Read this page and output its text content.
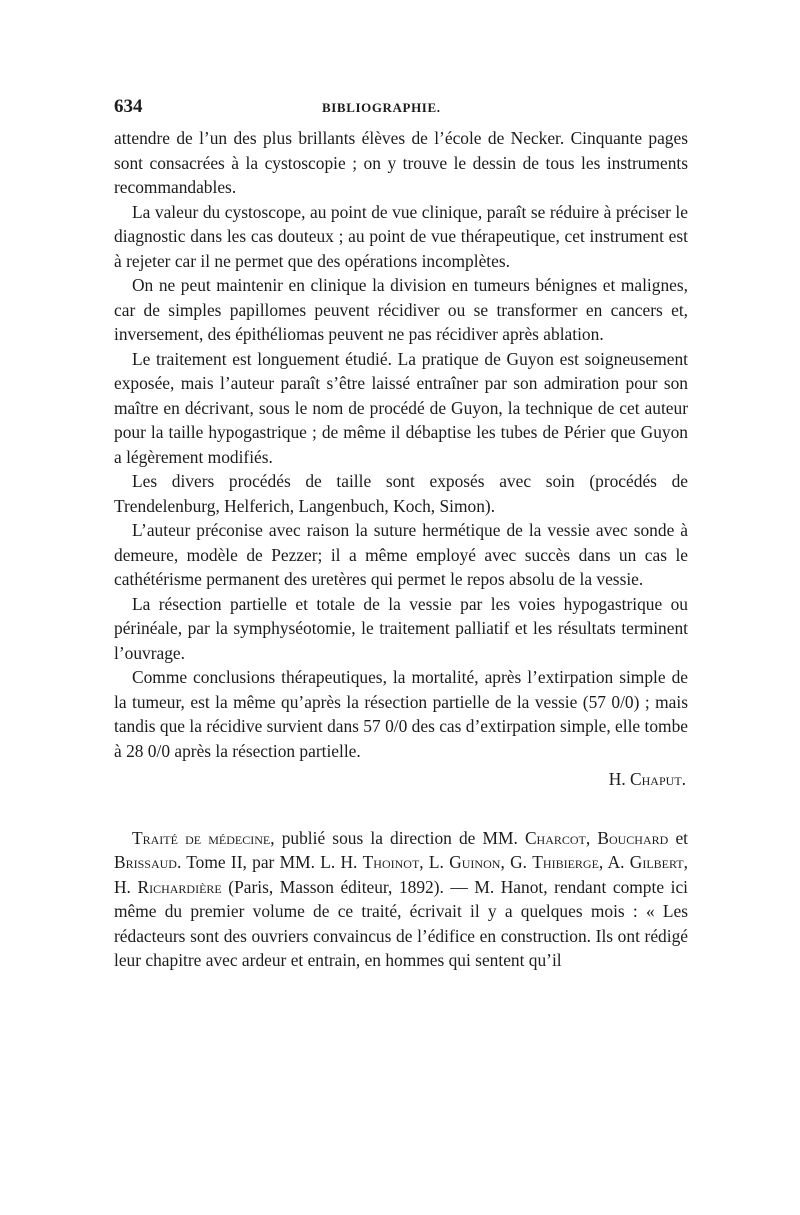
634	BIBLIOGRAPHIE.

attendre de l’un des plus brillants élèves de l’école de Necker. Cinquante pages sont consacrées à la cystoscopie ; on y trouve le dessin de tous les instruments recommandables.

La valeur du cystoscope, au point de vue clinique, paraît se réduire à préciser le diagnostic dans les cas douteux ; au point de vue thérapeutique, cet instrument est à rejeter car il ne permet que des opérations incomplètes.

On ne peut maintenir en clinique la division en tumeurs bénignes et malignes, car de simples papillomes peuvent récidiver ou se transformer en cancers et, inversement, des épithéliomas peuvent ne pas récidiver après ablation.

Le traitement est longuement étudié. La pratique de Guyon est soigneusement exposée, mais l’auteur paraît s’être laissé entraîner par son admiration pour son maître en décrivant, sous le nom de procédé de Guyon, la technique de cet auteur pour la taille hypogastrique ; de même il débaptise les tubes de Périer que Guyon a légèrement modifiés.

Les divers procédés de taille sont exposés avec soin (procédés de Trendelenburg, Helferich, Langenbuch, Koch, Simon).

L’auteur préconise avec raison la suture hermétique de la vessie avec sonde à demeure, modèle de Pezzer; il a même employé avec succès dans un cas le cathétérisme permanent des uretères qui permet le repos absolu de la vessie.

La résection partielle et totale de la vessie par les voies hypogastrique ou périnéale, par la symphyséotomie, le traitement palliatif et les résultats terminent l’ouvrage.

Comme conclusions thérapeutiques, la mortalité, après l’extirpation simple de la tumeur, est la même qu’après la résection partielle de la vessie (57 0/0) ; mais tandis que la récidive survient dans 57 0/0 des cas d’extirpation simple, elle tombe à 28 0/0 après la résection partielle.

H. Chaput.

Traité de médecine, publié sous la direction de MM. Charcot, Bouchard et Brissaud. Tome II, par MM. L. H. Thoinot, L. Guinon, G. Thibierge, A. Gilbert, H. Richardière (Paris, Masson éditeur, 1892). — M. Hanot, rendant compte ici même du premier volume de ce traité, écrivait il y a quelques mois : « Les rédacteurs sont des ouvriers convaincus de l’édifice en construction. Ils ont rédigé leur chapitre avec ardeur et entrain, en hommes qui sentent qu’il
